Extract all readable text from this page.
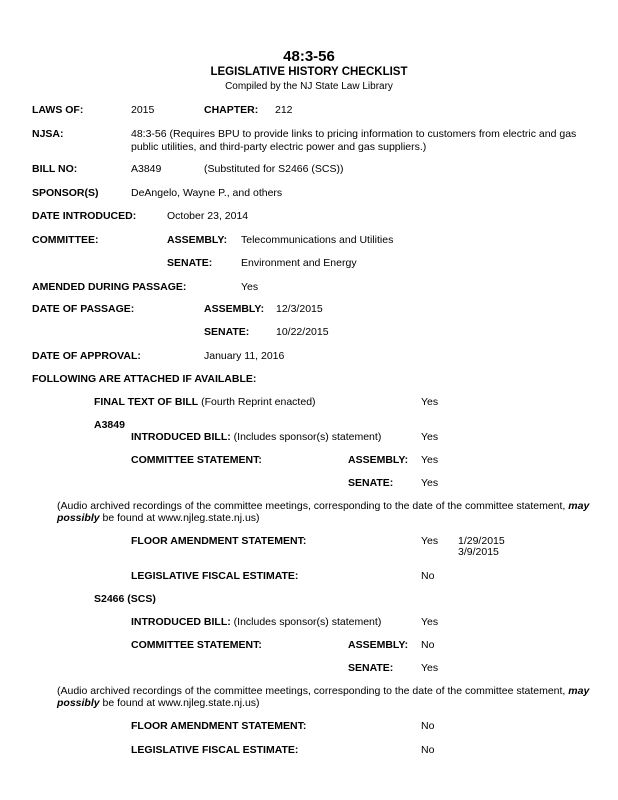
48:3-56
LEGISLATIVE HISTORY CHECKLIST
Compiled by the NJ State Law Library
LAWS OF:	2015	CHAPTER: 212
NJSA:	48:3-56 (Requires BPU to provide links to pricing information to customers from electric and gas public utilities, and third-party electric power and gas suppliers.)
BILL NO:	A3849	(Substituted for S2466 (SCS))
SPONSOR(S)	DeAngelo, Wayne P., and others
DATE INTRODUCED:	October 23, 2014
COMMITTEE:	ASSEMBLY: Telecommunications and Utilities
SENATE:	Environment and Energy
AMENDED DURING PASSAGE:	Yes
DATE OF PASSAGE:	ASSEMBLY: 12/3/2015
SENATE:	10/22/2015
DATE OF APPROVAL:	January 11, 2016
FOLLOWING ARE ATTACHED IF AVAILABLE:
FINAL TEXT OF BILL (Fourth Reprint enacted)	Yes
A3849
INTRODUCED BILL: (Includes sponsor(s) statement)	Yes
COMMITTEE STATEMENT:	ASSEMBLY: Yes
SENATE:	Yes
(Audio archived recordings of the committee meetings, corresponding to the date of the committee statement, may possibly be found at www.njleg.state.nj.us)
FLOOR AMENDMENT STATEMENT:	Yes 1/29/2015
3/9/2015
LEGISLATIVE FISCAL ESTIMATE:	No
S2466 (SCS)
INTRODUCED BILL: (Includes sponsor(s) statement)	Yes
COMMITTEE STATEMENT:	ASSEMBLY: No
SENATE:	Yes
(Audio archived recordings of the committee meetings, corresponding to the date of the committee statement, may possibly be found at www.njleg.state.nj.us)
FLOOR AMENDMENT STATEMENT:	No
LEGISLATIVE FISCAL ESTIMATE:	No
